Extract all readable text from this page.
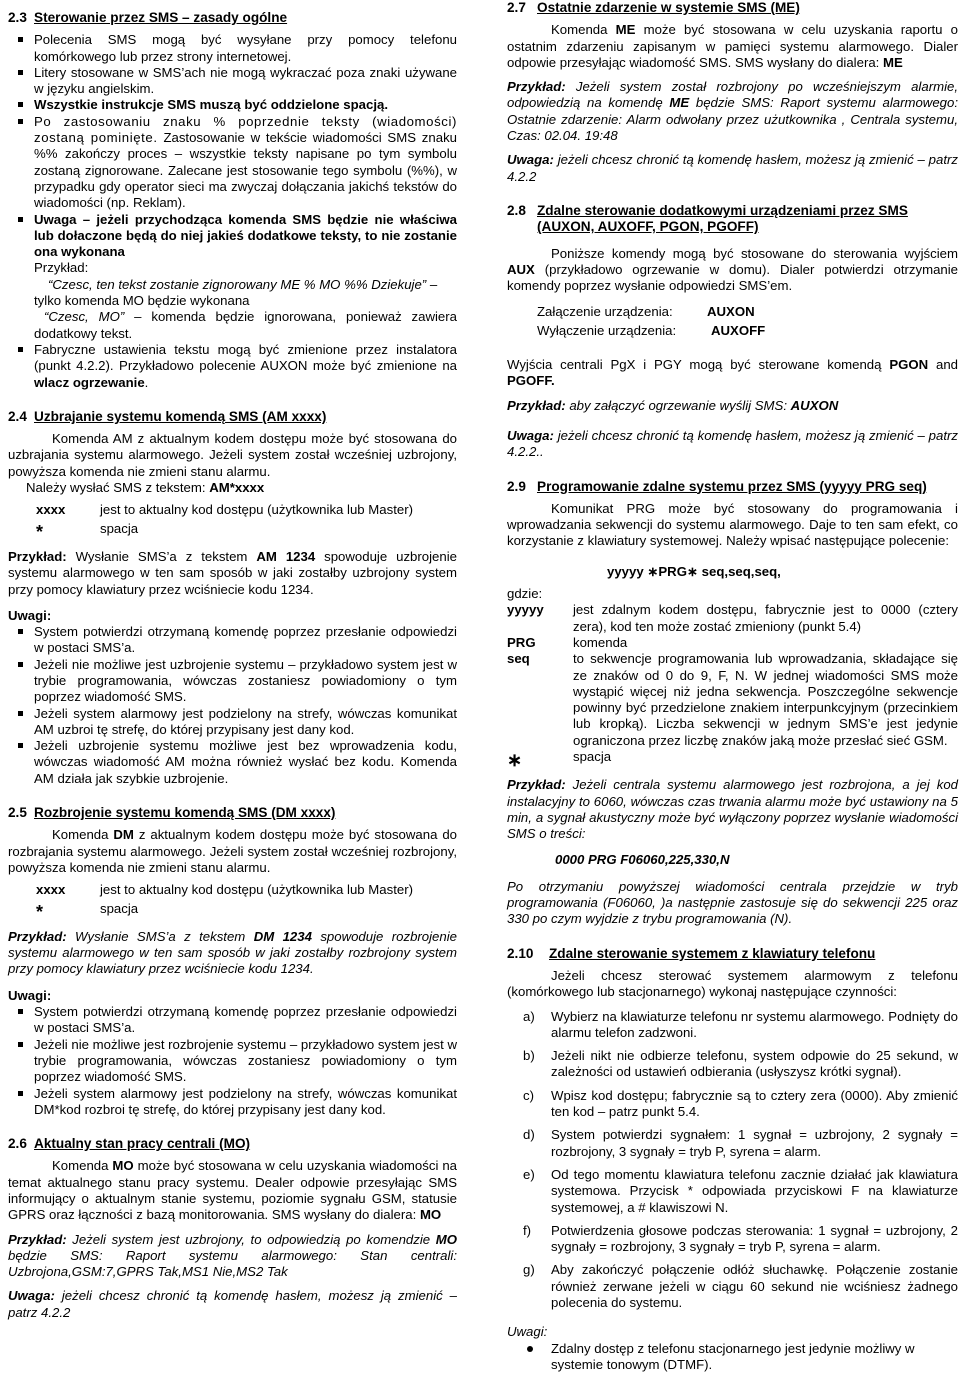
2.3 Sterowanie przez SMS – zasady ogólne
Polecenia SMS mogą być wysyłane przy pomocy telefonu komórkowego lub przez strony internetowej.
Litery stosowane w SMS’ach nie mogą wykraczać poza znaki używane w języku angielskim.
Wszystkie instrukcje SMS muszą być oddzielone spacją.
Po zastosowaniu znaku % poprzednie teksty (wiadomości) zostaną pominięte. Zastosowanie w tekście wiadomości SMS znaku %% zakończy proces – wszystkie teksty napisane po tym symbolu zostaną zignorowane. Zalecane jest stosowanie tego symbolu (%%), w przypadku gdy operator sieci ma zwyczaj dołączania jakichś tekstów do wiadomości (np. Reklam).
Uwaga – jeżeli przychodząca komenda SMS będzie nie właściwa lub dołaczone będą do niej jakieś dodatkowe teksty, to nie zostanie ona wykonana
Przykład:
“Czesc, ten tekst zostanie zignorowany ME % MO %% Dziekuje” –
tylko komenda MO będzie wykonana
“Czesc, MO” – komenda będzie ignorowana, ponieważ zawiera dodatkowy tekst.
Fabryczne ustawienia tekstu mogą być zmienione przez instalatora (punkt 4.2.2). Przykładowo polecenie AUXON może być zmienione na wlacz ogrzewanie.
2.4 Uzbrajanie systemu komendą SMS (AM xxxx)

Komenda AM z aktualnym kodem dostępu może być stosowana do uzbrajania systemu alarmowego. Jeżeli system został wcześniej uzbrojony, powyższa komenda nie zmieni stanu alarmu.

Należy wysłać SMS z tekstem: AM*xxxx

xxxx	jest to aktualny kod dostępu (użytkownika lub Master)
*	spacja

Przykład: Wysłanie SMS’a z tekstem AM 1234 spowoduje uzbrojenie systemu alarmowego w ten sam sposób w jaki zostałby uzbrojony system przy pomocy klawiatury przez wciśniecie kodu 1234.

Uwagi:
System potwierdzi otrzymaną komendę poprzez przesłanie odpowiedzi w postaci SMS’a.
Jeżeli nie możliwe jest uzbrojenie systemu – przykładowo system jest w trybie programowania, wówczas zostaniesz powiadomiony o tym poprzez wiadomość SMS.
Jeżeli system alarmowy jest podzielony na strefy, wówczas komunikat AM uzbroi tę strefę, do której przypisany jest dany kod.
Jeżeli uzbrojenie systemu możliwe jest bez wprowadzenia kodu, wówczas wiadomość AM można również wysłać bez kodu. Komenda AM działa jak szybkie uzbrojenie.
2.5 Rozbrojenie systemu komendą SMS (DM xxxx)

Komenda DM z aktualnym kodem dostępu może być stosowana do rozbrajania systemu alarmowego. Jeżeli system został wcześniej rozbrojony, powyższa komenda nie zmieni stanu alarmu.

xxxx	jest to aktualny kod dostępu (użytkownika lub Master)
*	spacja

Przykład: Wysłanie SMS’a z tekstem DM 1234 spowoduje rozbrojenie systemu alarmowego w ten sam sposób w jaki zostałby rozbrojony system przy pomocy klawiatury przez wciśniecie kodu 1234.

Uwagi:
System potwierdzi otrzymaną komendę poprzez przesłanie odpowiedzi w postaci SMS’a.
Jeżeli nie możliwe jest rozbrojenie systemu – przykładowo system jest w trybie programowania, wówczas zostaniesz powiadomiony o tym poprzez wiadomość SMS.
Jeżeli system alarmowy jest podzielony na strefy, wówczas komunikat DM*kod rozbroi tę strefę, do której przypisany jest dany kod.
2.6 Aktualny stan pracy centrali (MO)

Komenda MO może być stosowana w celu uzyskania wiadomości na temat aktualnego stanu pracy systemu. Dealer odpowie przesyłając SMS informujący o aktualnym stanie systemu, poziomie sygnału GSM, statusie GPRS oraz łączności z bazą monitorowania. SMS wysłany do dialera: MO

Przykład: Jeżeli system jest uzbrojony, to odpowiedzią po komendzie MO będzie SMS: Raport systemu alarmowego: Stan centrali: Uzbrojona,GSM:7,GPRS Tak,MS1 Nie,MS2 Tak

Uwaga: jeżeli chcesz chronić tą komendę hasłem, możesz ją zmienić – patrz 4.2.2

2.7 Ostatnie zdarzenie w systemie SMS (ME)

Komenda ME może być stosowana w celu uzyskania raportu o ostatnim zdarzeniu zapisanym w pamięci systemu alarmowego. Dialer odpowie przesyłając wiadomość SMS. SMS wysłany do dialera: ME

Przykład: Jeżeli system został rozbrojony po wcześniejszym alarmie, odpowiedzią na komendę ME będzie SMS: Raport systemu alarmowego: Ostatnie zdarzenie: Alarm odwołany przez użutkownika , Centrala systemu, Czas: 02.04. 19:48

Uwaga: jeżeli chcesz chronić tą komendę hasłem, możesz ją zmienić – patrz 4.2.2

2.8 Zdalne sterowanie dodatkowymi urządzeniami przez SMS (AUXON, AUXOFF, PGON, PGOFF)

Poniższe komendy mogą być stosowane do sterowania wyjściem AUX (przykładowo ogrzewanie w domu). Dialer potwierdzi otrzymanie komendy poprzez wysłanie odpowiedzi SMS’em.

Załączenie urządzenia:	AUXON
Wyłączenie urządzenia:	AUXOFF

Wyjścia centrali PgX i PGY mogą być sterowane komendą PGON and PGOFF.

Przykład: aby załączyć ogrzewanie wyślij SMS: AUXON

Uwaga: jeżeli chcesz chronić tą komendę hasłem, możesz ją zmienić – patrz 4.2.2..

2.9 Programowanie zdalne systemu przez SMS (yyyyy PRG seq)

Komunikat PRG może być stosowany do programowania i wprowadzania sekwencji do systemu alarmowego. Daje to ten sam efekt, co korzystanie z klawiatury systemowej. Należy wpisać następujące polecenie:

yyyyy ∗PRG∗ seq,seq,seq,
gdzie:
yyyyy	jest zdalnym kodem dostępu, fabrycznie jest to 0000 (cztery zera), kod ten może zostać zmieniony (punkt 5.4)
PRG	komenda
seq	to sekwencje programowania lub wprowadzania, składające się ze znaków od 0 do 9, F, N. W jednej wiadomości SMS może wystąpić więcej niż jedna sekwencja. Poszczególne sekwencje powinny być przedzielone znakiem interpunkcyjnym (przecinkiem lub kropką). Liczba sekwencji w jednym SMS’e jest jedynie ograniczona przez liczbę znaków jaką może przesłać sieć GSM.
∗	spacja

Przykład: Jeżeli centrala systemu alarmowego jest rozbrojona, a jej kod instalacyjny to 6060, wówczas czas trwania alarmu może być ustawiony na 5 min, a sygnał akustyczny może być wyłączony poprzez wysłanie wiadomości SMS o treści:

0000 PRG F06060,225,330,N

Po otrzymaniu powyższej wiadomości centrala przejdzie w tryb programowania (F06060, )a następnie zastosuje się do sekwencji 225 oraz 330 po czym wyjdzie z trybu programowania (N).

2.10 Zdalne sterowanie systemem z klawiatury telefonu

Jeżeli chcesz sterować systemem alarmowym z telefonu (komórkowego lub stacjonarnego) wykonaj następujące czynności:

a)	Wybierz na klawiaturze telefonu nr systemu alarmowego. Podnięty do alarmu telefon zadzwoni.
b)	Jeżeli nikt nie odbierze telefonu, system odpowie do 25 sekund, w zależności od ustawień odbierania (usłyszysz krótki sygnał).
c)	Wpisz kod dostępu; fabrycznie są to cztery zera (0000). Aby zmienić ten kod – patrz punkt 5.4.
d)	System potwierdzi sygnałem: 1 sygnał = uzbrojony, 2 sygnały = rozbrojony, 3 sygnały = tryb P, syrena = alarm.
e)	Od tego momentu klawiatura telefonu zacznie działać jak klawiatura systemowa. Przycisk * odpowiada przyciskowi F na klawiaturze systemowej, a # klawiszowi N.
f)	Potwierdzenia głosowe podczas sterowania: 1 sygnał = uzbrojony, 2 sygnały = rozbrojony, 3 sygnały = tryb P, syrena = alarm.
g)	Aby zakończyć połączenie odłóż słuchawkę. Połączenie zostanie również zerwane jeżeli w ciągu 60 sekund nie wciśniesz żadnego polecenia do systemu.
Uwagi:
Zdalny dostęp z telefonu stacjonarnego jest jedynie możliwy w systemie tonowym (DTMF).
